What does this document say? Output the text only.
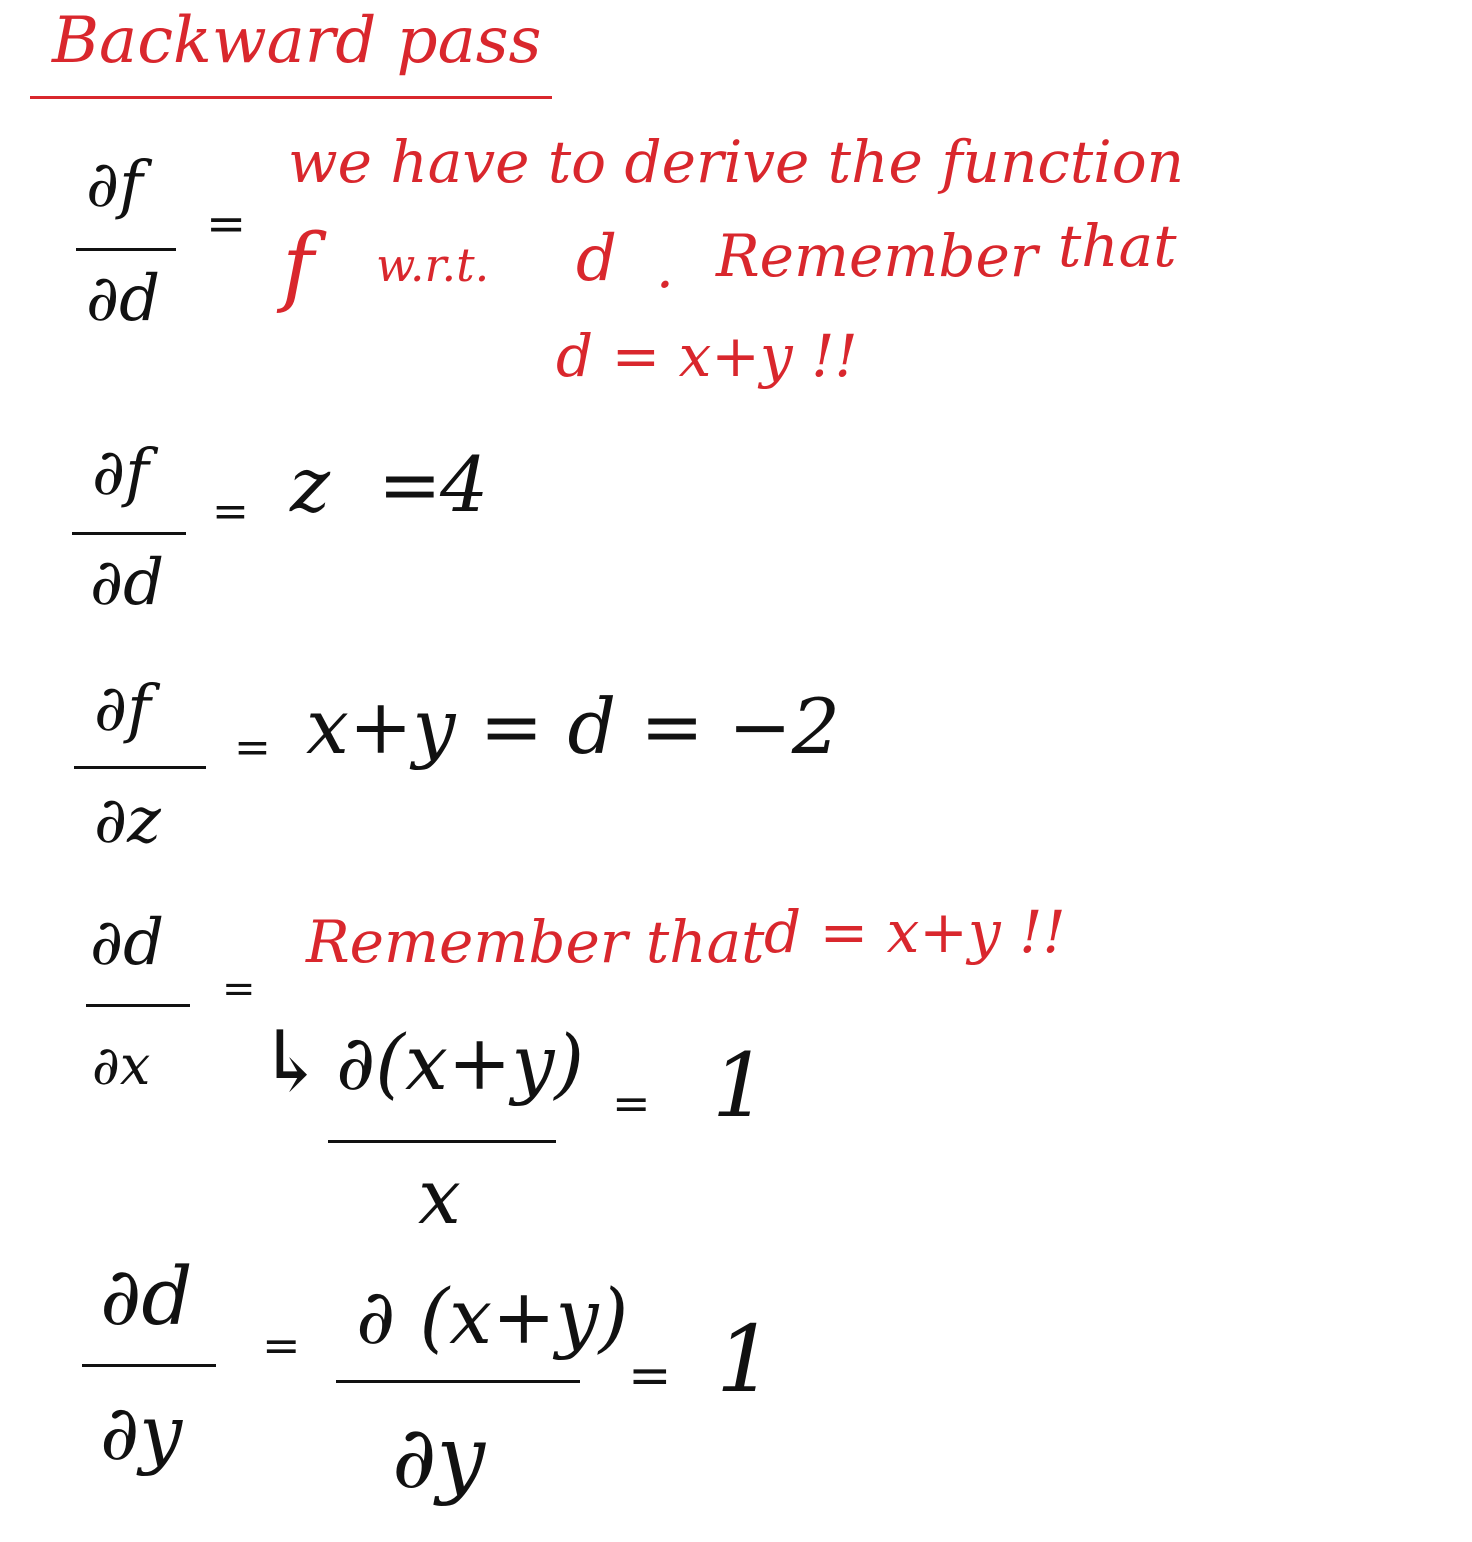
Backward pass
∂f
∂d
=
we have to derive the function
f w.r.t. d . Remember that
d = x+y !!
∂f
∂d
= z =
4
∂f
∂z
= x+y = d = −2
∂d
∂x
=
Remember that d = x+y !!
↳ ∂(x+y)
x
= 1
∂d
∂y
= ∂ (x+y)
∂y
= 1
